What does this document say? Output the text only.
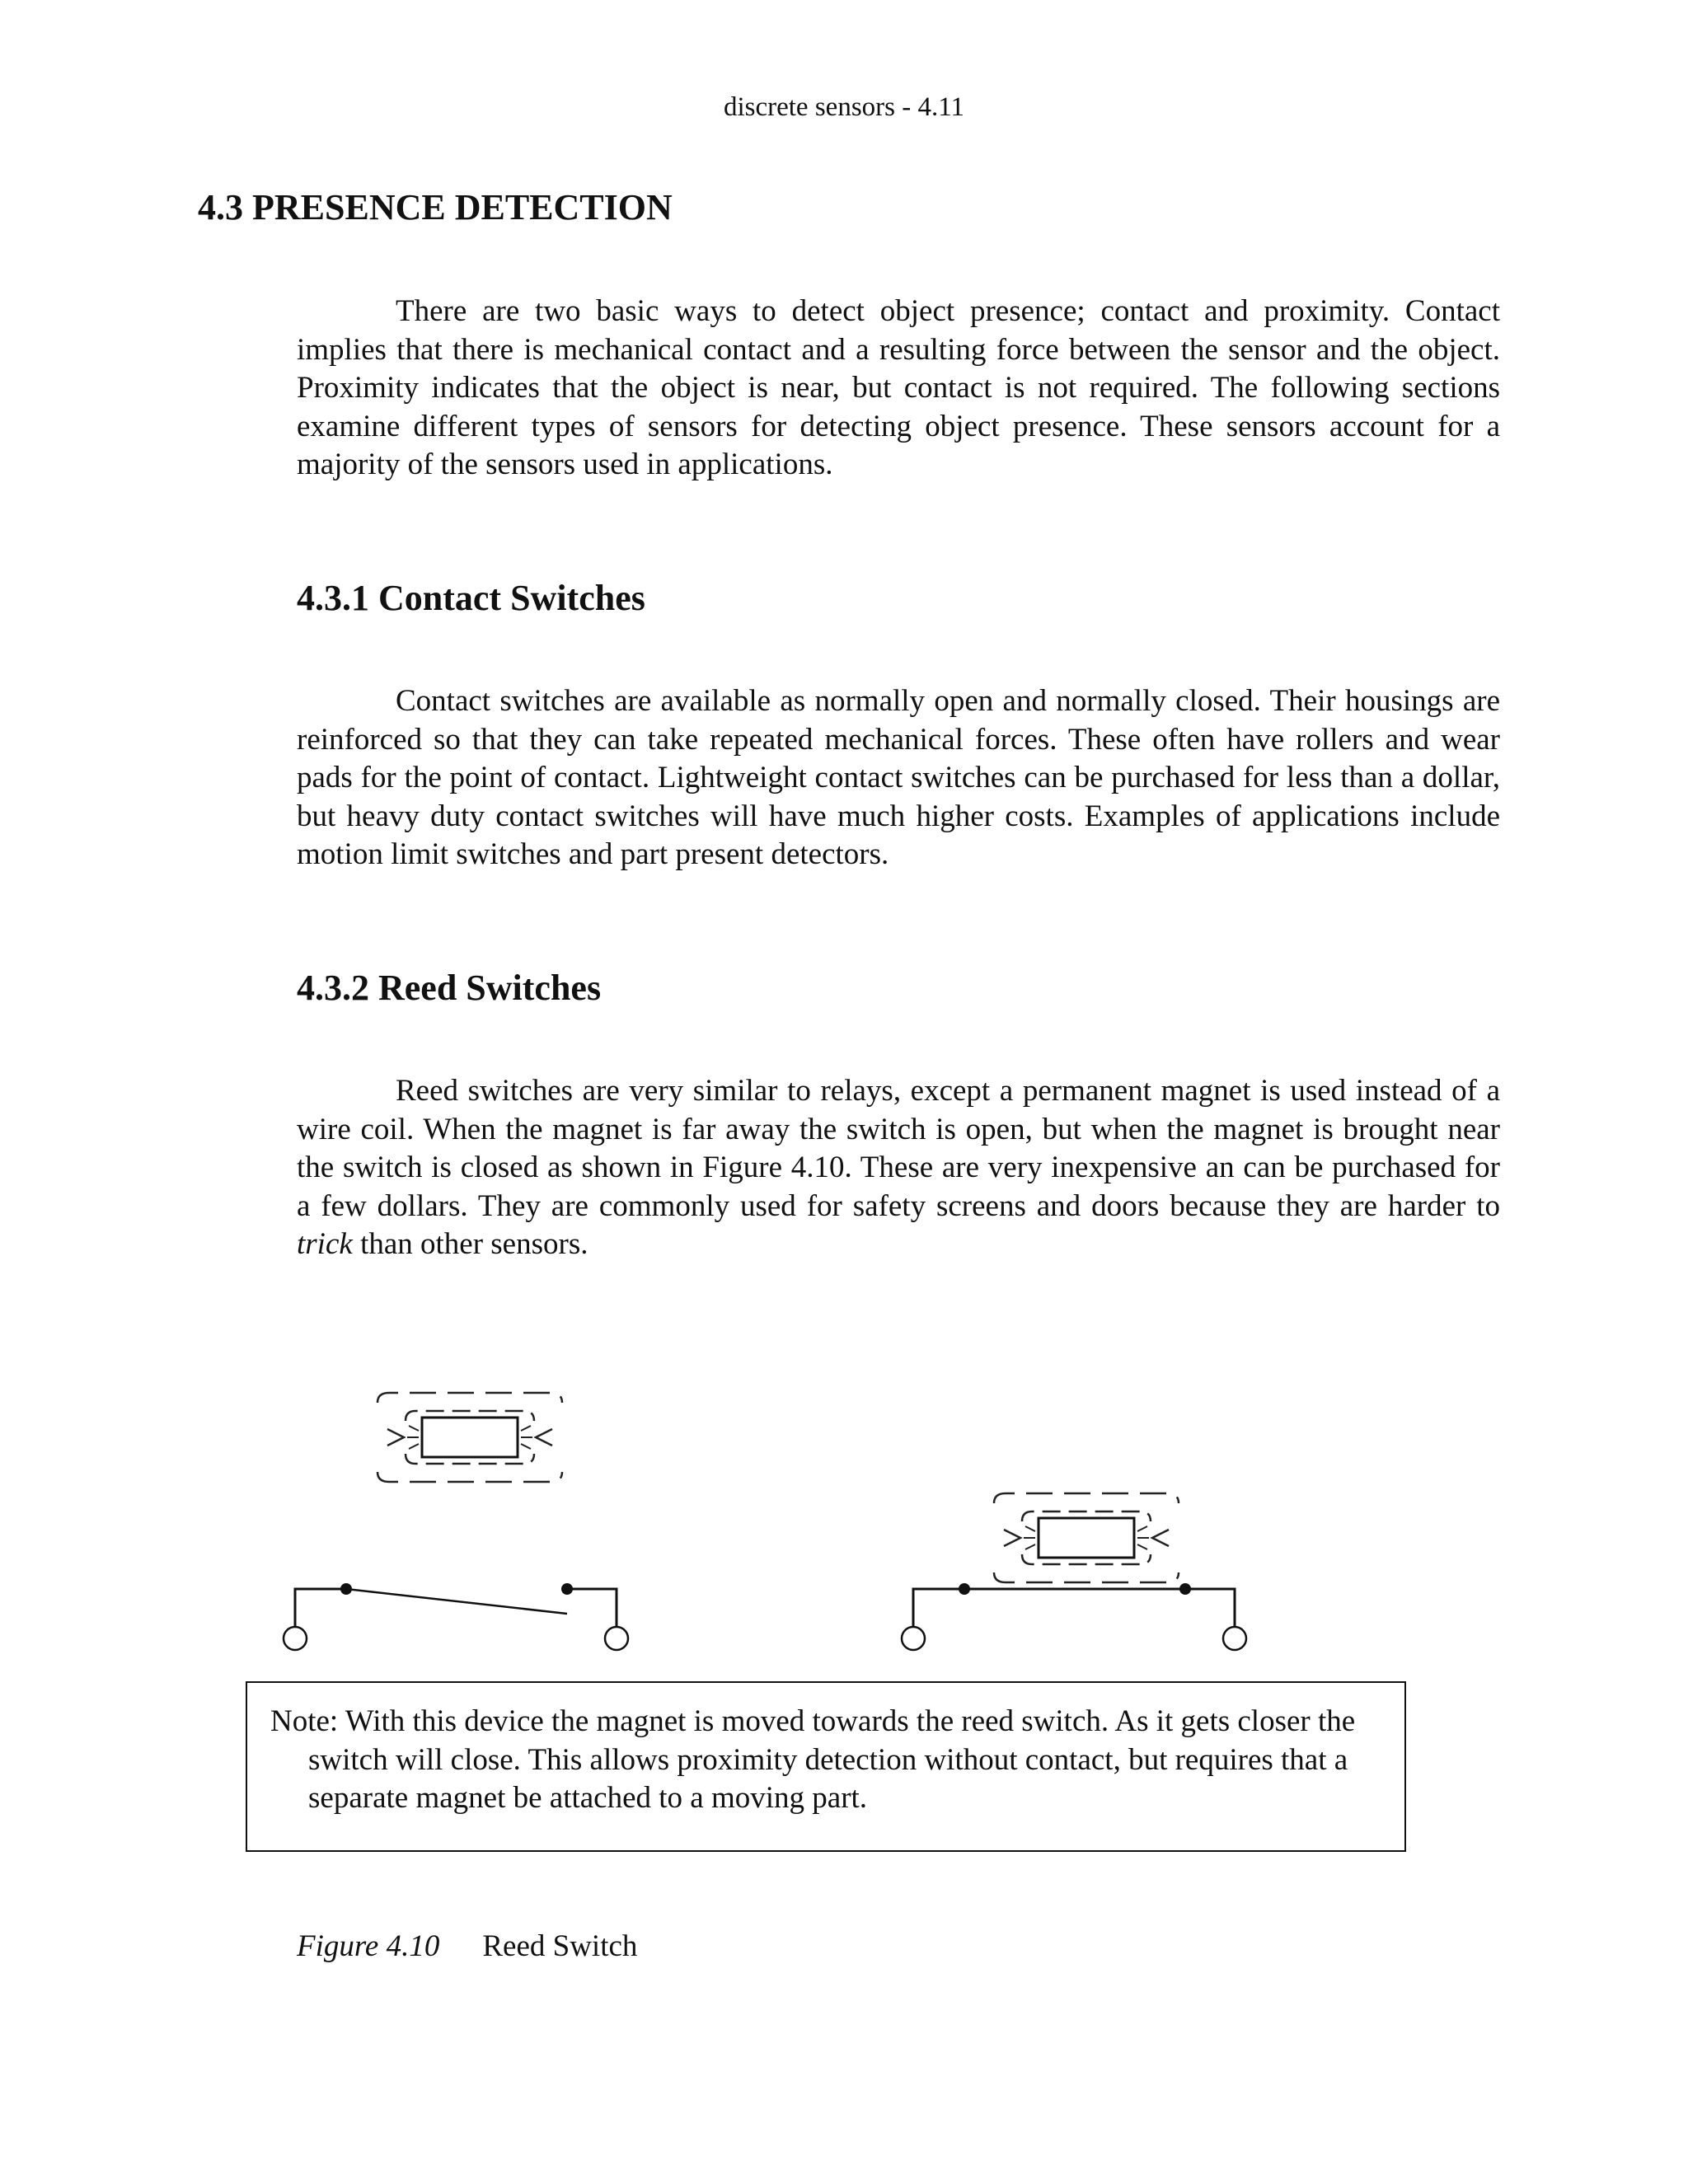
discrete sensors - 4.11
4.3 PRESENCE DETECTION
There are two basic ways to detect object presence; contact and proximity. Contact implies that there is mechanical contact and a resulting force between the sensor and the object. Proximity indicates that the object is near, but contact is not required. The following sections examine different types of sensors for detecting object presence. These sensors account for a majority of the sensors used in applications.
4.3.1 Contact Switches
Contact switches are available as normally open and normally closed. Their housings are reinforced so that they can take repeated mechanical forces. These often have rollers and wear pads for the point of contact. Lightweight contact switches can be purchased for less than a dollar, but heavy duty contact switches will have much higher costs. Examples of applications include motion limit switches and part present detectors.
4.3.2 Reed Switches
Reed switches are very similar to relays, except a permanent magnet is used instead of a wire coil. When the magnet is far away the switch is open, but when the magnet is brought near the switch is closed as shown in Figure 4.10. These are very inexpensive an can be purchased for a few dollars. They are commonly used for safety screens and doors because they are harder to trick than other sensors.
Note: With this device the magnet is moved towards the reed switch. As it gets closer the switch will close. This allows proximity detection without contact, but requires that a separate magnet be attached to a moving part.
Figure 4.10 Reed Switch
